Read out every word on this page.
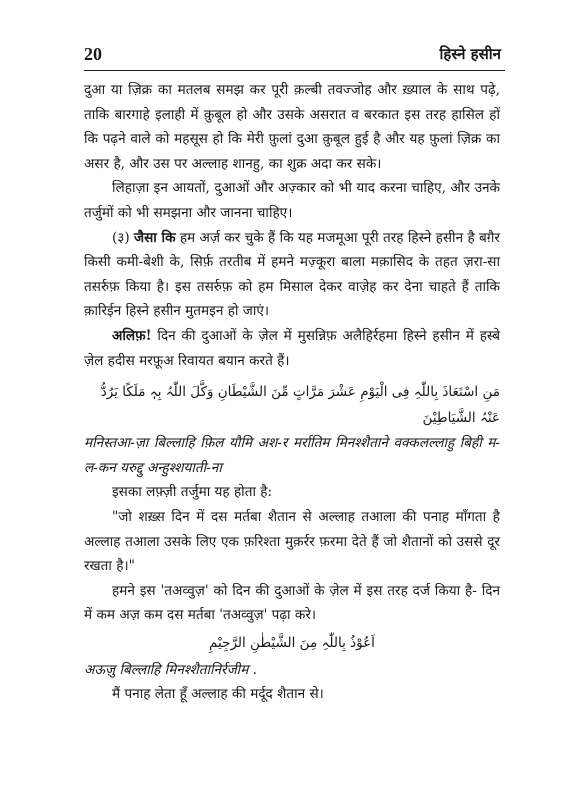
20	हिस्ने हसीन

दुआ या ज़िक्र का मतलब समझ कर पूरी क़ल्बी तवज्जोह और ख़्याल के साथ पढ़े, ताकि बारगाहे इलाही में क़ुबूल हो और उसके असरात व बरकात इस तरह हासिल हों कि पढ़ने वाले को महसूस हो कि मेरी फ़ुलां दुआ क़ुबूल हुई है और यह फ़ुलां ज़िक्र का असर है, और उस पर अल्लाह शानहु, का शुक्र अदा कर सके।

लिहाज़ा इन आयतों, दुआओं और अज़्कार को भी याद करना चाहिए, और उनके तर्जुमों को भी समझना और जानना चाहिए।

(३) जैसा कि हम अर्ज़ कर चुके हैं कि यह मजमूआ पूरी तरह हिस्ने हसीन है बग़ैर किसी कमी-बेशी के, सिर्फ़ तरतीब में हमने मज़्कूरा बाला मक़ासिद के तहत ज़रा-सा तसर्रुफ़ किया है। इस तसर्रुफ़ को हम मिसाल देकर वाज़ेह कर देना चाहते हैं ताकि क़ारिईन हिस्ने हसीन मुतमइन हो जाएं।

अलिफ़! दिन की दुआओं के ज़ेल में मुसन्निफ़ अलैहिर्रहमा हिस्ने हसीन में हस्बे ज़ेल हदीस मरफ़ूअ रिवायत बयान करते हैं।

مَنِ اسْتَعَاذَ بِاللّٰہِ فِی الْیَوْمِ عَشْرَ مَرَّاتٍ مِّنَ الشَّیْطَانِ وَکَّلَ اللّٰہُ بِہٖ مَلَکًا یَرُدُّ عَنْہُ الشَّیَاطِیْنَ

मनिस्तआ-ज़ा बिल्लाहि फ़िल यौमि अश-र मर्रातिम मिनश्शैताने वक्कलल्लाहु बिही म-ल-कन यरुद्दु अन्हुश्शयाती-ना

इसका लफ़्ज़ी तर्जुमा यह होता है:

"जो शख़्स दिन में दस मर्तबा शैतान से अल्लाह तआला की पनाह माँगता है अल्लाह तआला उसके लिए एक फ़रिश्ता मुक़र्रर फ़रमा देते हैं जो शैतानों को उससे दूर रखता है।"

हमने इस 'तअव्वुज़' को दिन की दुआओं के ज़ेल में इस तरह दर्ज किया है- दिन में कम अज़ कम दस मर्तबा 'तअव्वुज़' पढ़ा करे।

اَعُوْذُ بِاللّٰہِ مِنَ الشَّیْطٰنِ الرَّجِیْمِ

अऊज़ु बिल्लाहि मिनश्शैतानिर्रजीम .

मैं पनाह लेता हूँ अल्लाह की मर्दूद शैतान से।
